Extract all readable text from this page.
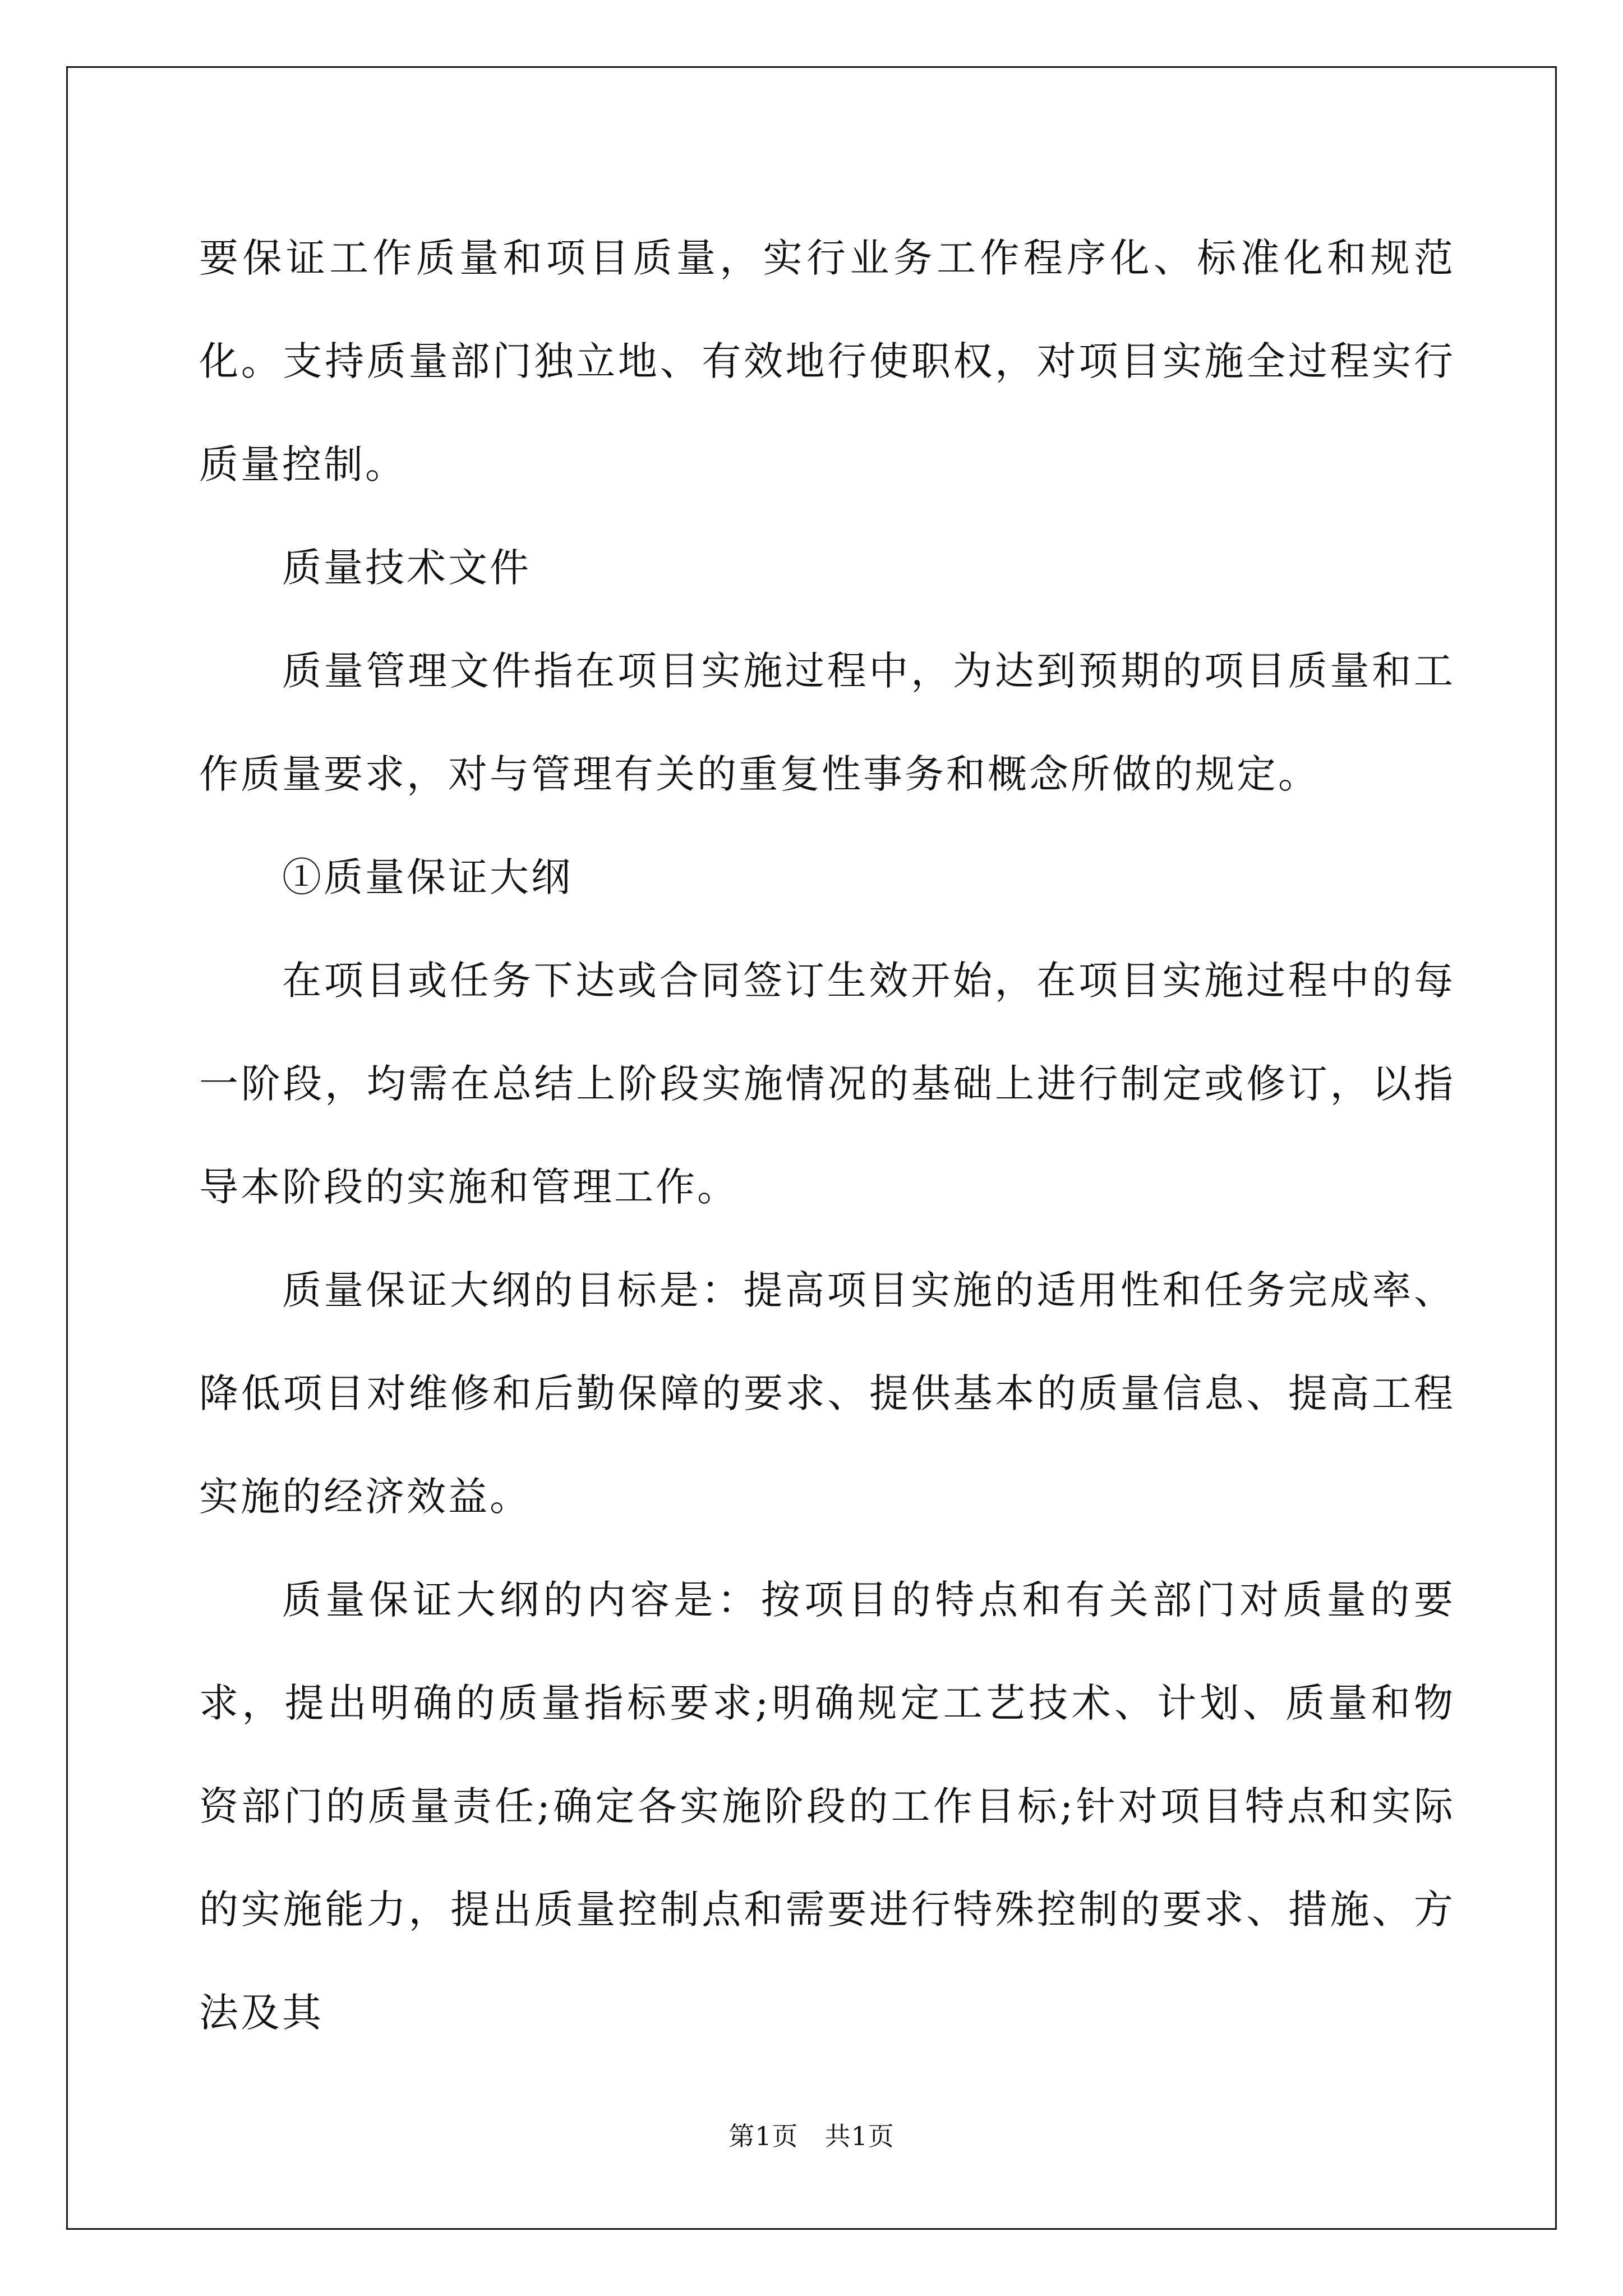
要保证工作质量和项目质量，实行业务工作程序化、标准化和规范化。支持质量部门独立地、有效地行使职权，对项目实施全过程实行质量控制。

质量技术文件

质量管理文件指在项目实施过程中，为达到预期的项目质量和工作质量要求，对与管理有关的重复性事务和概念所做的规定。

①质量保证大纲

在项目或任务下达或合同签订生效开始，在项目实施过程中的每一阶段，均需在总结上阶段实施情况的基础上进行制定或修订，以指导本阶段的实施和管理工作。

质量保证大纲的目标是：提高项目实施的适用性和任务完成率、降低项目对维修和后勤保障的要求、提供基本的质量信息、提高工程实施的经济效益。

质量保证大纲的内容是：按项目的特点和有关部门对质量的要求，提出明确的质量指标要求;明确规定工艺技术、计划、质量和物资部门的质量责任;确定各实施阶段的工作目标;针对项目特点和实际的实施能力，提出质量控制点和需要进行特殊控制的要求、措施、方法及其

第1页 共1页
